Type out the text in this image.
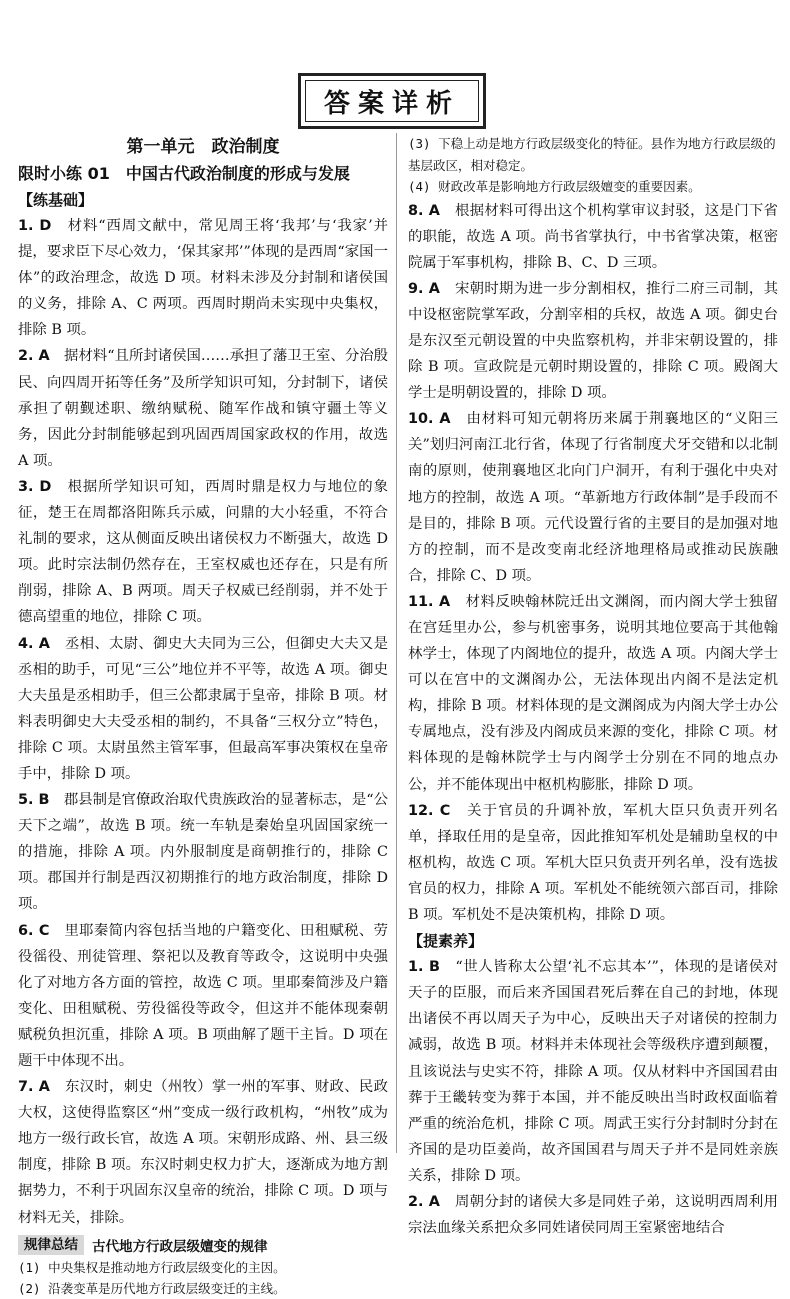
答案详析
第一单元　政治制度
限时小练 01　中国古代政治制度的形成与发展
【练基础】

1. D　 材料“西周文献中，常见周王将‘我邦’与‘我家’并提，要求臣下尽心效力，‘保其家邦’”体现的是西周“家国一体”的政治理念，故选 D 项。材料未涉及分封制和诸侯国的义务，排除 A、C 两项。西周时期尚未实现中央集权，排除 B 项。

2. A　 据材料“且所封诸侯国……承担了藩卫王室、分治殷民、向四周开拓等任务”及所学知识可知，分封制下，诸侯承担了朝觐述职、缴纳赋税、随军作战和镇守疆土等义务，因此分封制能够起到巩固西周国家政权的作用，故选 A 项。

3. D　 根据所学知识可知，西周时鼎是权力与地位的象征，楚王在周都洛阳陈兵示威，问鼎的大小轻重，不符合礼制的要求，这从侧面反映出诸侯权力不断强大，故选 D 项。此时宗法制仍然存在，王室权威也还存在，只是有所削弱，排除 A、B 两项。周天子权威已经削弱，并不处于德高望重的地位，排除 C 项。

4. A　 丞相、太尉、御史大夫同为三公，但御史大夫又是丞相的助手，可见“三公”地位并不平等，故选 A 项。御史大夫虽是丞相助手，但三公都隶属于皇帝，排除 B 项。材料表明御史大夫受丞相的制约，不具备“三权分立”特色，排除 C 项。太尉虽然主管军事，但最高军事决策权在皇帝手中，排除 D 项。

5. B　 郡县制是官僚政治取代贵族政治的显著标志，是“公天下之端”，故选 B 项。统一车轨是秦始皇巩固国家统一的措施，排除 A 项。内外服制度是商朝推行的，排除 C 项。郡国并行制是西汉初期推行的地方政治制度，排除 D 项。

6. C　 里耶秦简内容包括当地的户籍变化、田租赋税、劳役徭役、刑徒管理、祭祀以及教育等政令，这说明中央强化了对地方各方面的管控，故选 C 项。里耶秦简涉及户籍变化、田租赋税、劳役徭役等政令，但这并不能体现秦朝赋税负担沉重，排除 A 项。B 项曲解了题干主旨。D 项在题干中体现不出。

7. A　 东汉时，刺史（州牧）掌一州的军事、财政、民政大权，这使得监察区“州”变成一级行政机构，“州牧”成为地方一级行政长官，故选 A 项。宋朝形成路、州、县三级制度，排除 B 项。东汉时刺史权力扩大，逐渐成为地方割据势力，不利于巩固东汉皇帝的统治，排除 C 项。D 项与材料无关，排除。

规律总结	古代地方行政层级嬗变的规律

(1) 中央集权是推动地方行政层级变化的主因。

(2) 沿袭变革是历代地方行政层级变迁的主线。

(3) 下稳上动是地方行政层级变化的特征。县作为地方行政层级的基层政区，相对稳定。

(4) 财政改革是影响地方行政层级嬗变的重要因素。

8. A　 根据材料可得出这个机构掌审议封驳，这是门下省的职能，故选 A 项。尚书省掌执行，中书省掌决策，枢密院属于军事机构，排除 B、C、D 三项。

9. A　 宋朝时期为进一步分割相权，推行二府三司制，其中设枢密院掌军政，分割宰相的兵权，故选 A 项。御史台是东汉至元朝设置的中央监察机构，并非宋朝设置的，排除 B 项。宣政院是元朝时期设置的，排除 C 项。殿阁大学士是明朝设置的，排除 D 项。

10. A　 由材料可知元朝将历来属于荆襄地区的“义阳三关”划归河南江北行省，体现了行省制度犬牙交错和以北制南的原则，使荆襄地区北向门户洞开，有利于强化中央对地方的控制，故选 A 项。“革新地方行政体制”是手段而不是目的，排除 B 项。元代设置行省的主要目的是加强对地方的控制，而不是改变南北经济地理格局或推动民族融合，排除 C、D 项。

11. A　 材料反映翰林院迁出文渊阁，而内阁大学士独留在宫廷里办公，参与机密事务，说明其地位要高于其他翰林学士，体现了内阁地位的提升，故选 A 项。内阁大学士可以在宫中的文渊阁办公，无法体现出内阁不是法定机构，排除 B 项。材料体现的是文渊阁成为内阁大学士办公专属地点，没有涉及内阁成员来源的变化，排除 C 项。材料体现的是翰林院学士与内阁学士分别在不同的地点办公，并不能体现出中枢机构膨胀，排除 D 项。

12. C　 关于官员的升调补放，军机大臣只负责开列名单，择取任用的是皇帝，因此推知军机处是辅助皇权的中枢机构，故选 C 项。军机大臣只负责开列名单，没有选拔官员的权力，排除 A 项。军机处不能统领六部百司，排除 B 项。军机处不是决策机构，排除 D 项。

【提素养】

1. B　 “世人皆称太公望‘礼不忘其本’”，体现的是诸侯对天子的臣服，而后来齐国国君死后葬在自己的封地，体现出诸侯不再以周天子为中心，反映出天子对诸侯的控制力减弱，故选 B 项。材料并未体现社会等级秩序遭到颠覆，且该说法与史实不符，排除 A 项。仅从材料中齐国国君由葬于王畿转变为葬于本国，并不能反映出当时政权面临着严重的统治危机，排除 C 项。周武王实行分封制时分封在齐国的是功臣姜尚，故齐国国君与周天子并不是同姓亲族关系，排除 D 项。

2. A　 周朝分封的诸侯大多是同姓子弟，这说明西周利用宗法血缘关系把众多同姓诸侯同周王室紧密地结合
